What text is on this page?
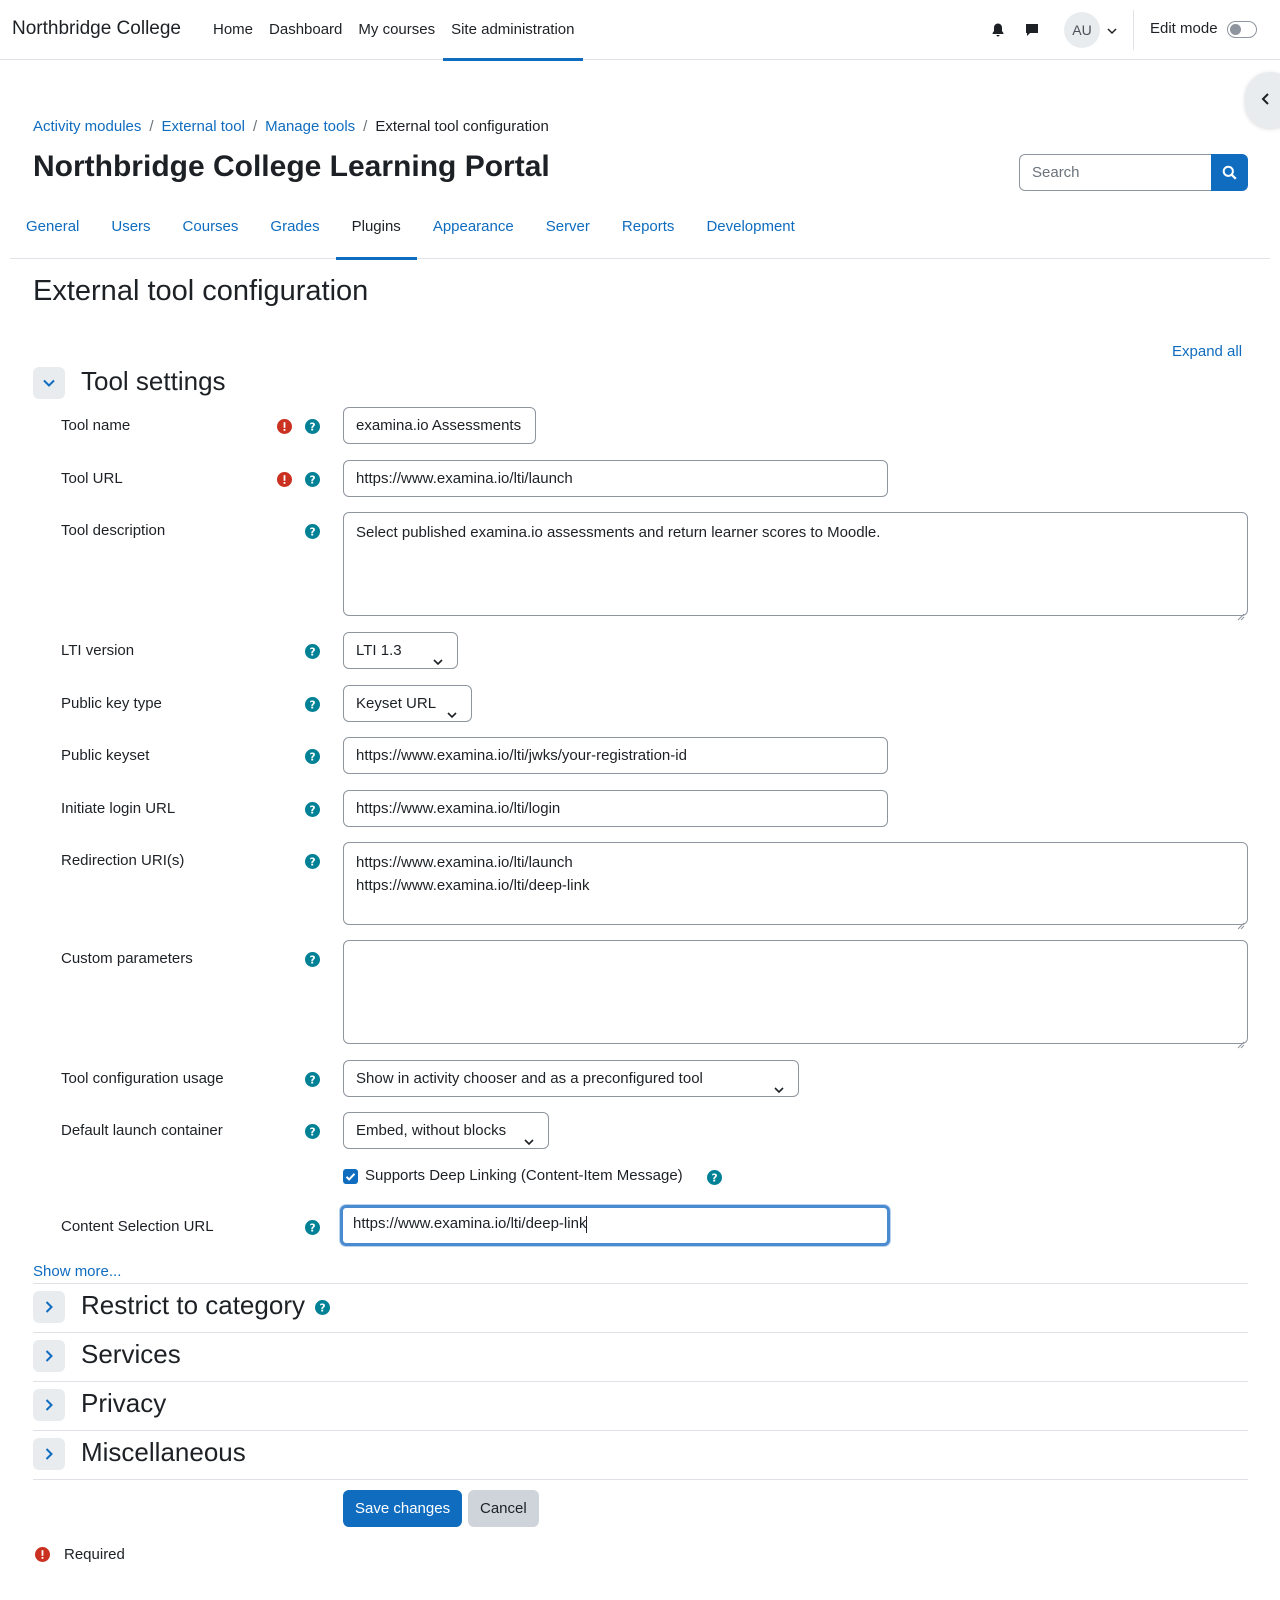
Northbridge College	Home	Dashboard	My courses	Site administration	AU	Edit mode
Activity modules / External tool / Manage tools / External tool configuration
Northbridge College Learning Portal
Search
General	Users	Courses	Grades	Plugins	Appearance	Server	Reports	Development
External tool configuration
Expand all
Tool settings
Tool name	?	examina.io Assessments
Tool URL	?	https://www.examina.io/lti/launch
Tool description	?	Select published examina.io assessments and return learner scores to Moodle.
LTI version	?	LTI 1.3
Public key type	?	Keyset URL
Public keyset	?	https://www.examina.io/lti/jwks/your-registration-id
Initiate login URL	?	https://www.examina.io/lti/login
Redirection URI(s)	?	https://www.examina.io/lti/launch
https://www.examina.io/lti/deep-link
Custom parameters	?
Tool configuration usage	?	Show in activity chooser and as a preconfigured tool
Default launch container	?	Embed, without blocks
Supports Deep Linking (Content-Item Message)	?
Content Selection URL	?	https://www.examina.io/lti/deep-link
Show more...
Restrict to category ?
Services
Privacy
Miscellaneous
Save changes	Cancel
Required
